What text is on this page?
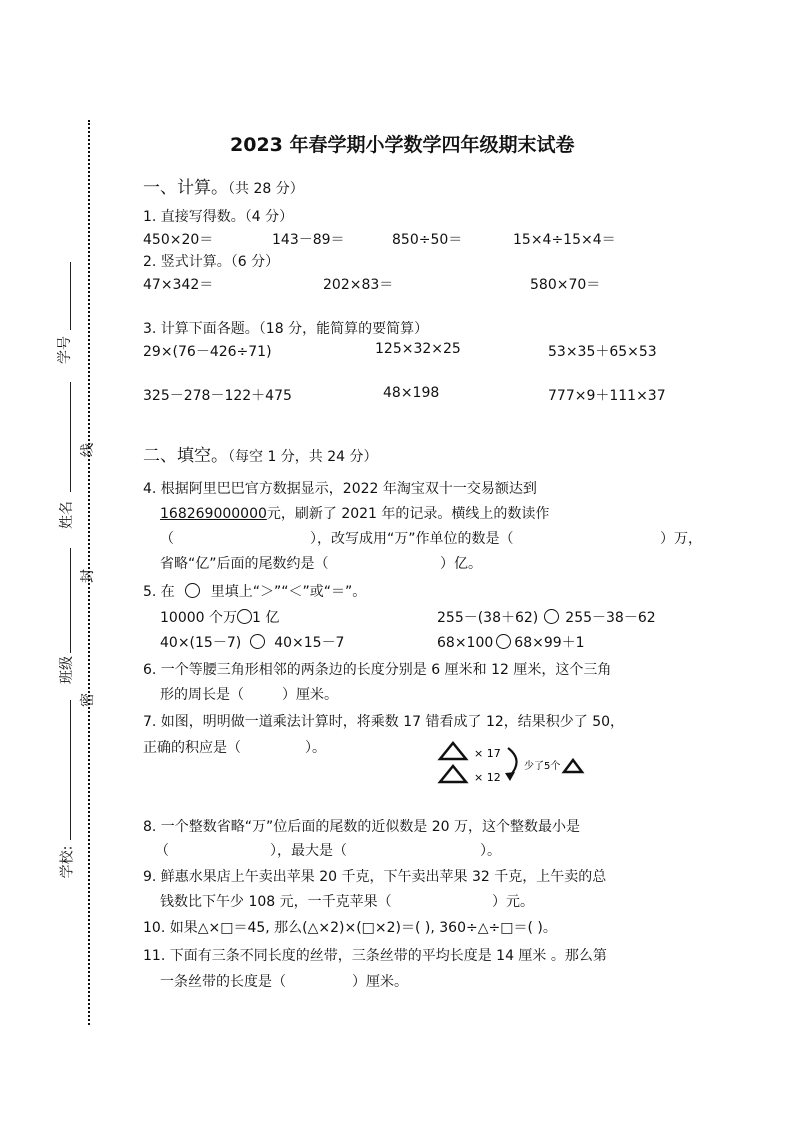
学号
姓名
班级
学校:
线
封
密
2023 年春学期小学数学四年级期末试卷
一、计算。（共 28 分）
1. 直接写得数。（4 分）
450×20＝	143－89＝	850÷50＝	15×4÷15×4＝
2. 竖式计算。（6 分）
47×342＝	202×83＝	580×70＝
3. 计算下面各题。（18 分，能简算的要简算）
29×(76－426÷71)	125×32×25	53×35＋65×53
325－278－122＋475	48×198	777×9＋111×37
二、填空。（每空 1 分，共 24 分）
4. 根据阿里巴巴官方数据显示，2022 年淘宝双十一交易额达到
168269000000元，刷新了 2021 年的记录。横线上的数读作
（	），改写成用“万”作单位的数是（	）万，
省略“亿”后面的尾数约是（	）亿。
5. 在	里填上“＞”“＜”或“＝”。
10000 个万 1 亿	255－(38＋62) 255－38－62
40×(15－7) 40×15－7	68×100 68×99＋1
6. 一个等腰三角形相邻的两条边的长度分别是 6 厘米和 12 厘米，这个三角
形的周长是（	）厘米。
7. 如图，明明做一道乘法计算时，将乘数 17 错看成了 12，结果积少了 50，
正确的积应是（	）。	× 17
× 12
少了5个
8. 一个整数省略“万”位后面的尾数的近似数是 20 万，这个整数最小是
（	），最大是（	）。
9. 鲜惠水果店上午卖出苹果 20 千克，下午卖出苹果 32 千克，上午卖的总
钱数比下午少 108 元，一千克苹果（	）元。
10. 如果△×□＝45, 那么(△×2)×(□×2)＝( ), 360÷△÷□＝( )。
11. 下面有三条不同长度的丝带，三条丝带的平均长度是 14 厘米 。那么第
一条丝带的长度是（	）厘米。
